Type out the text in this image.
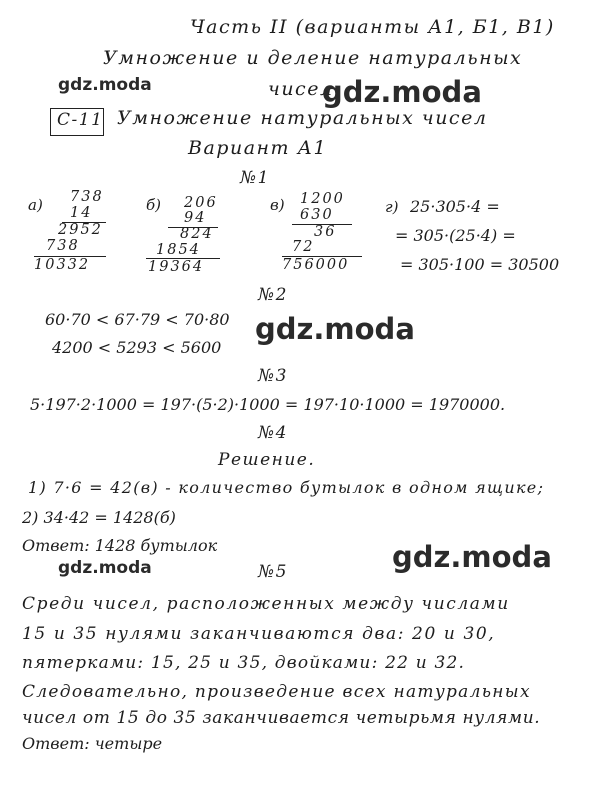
Часть II (варианты А1, Б1, В1)
Умножение и деление натуральных
чисел
С-11 Умножение натуральных чисел
Вариант А1
gdz.moda	gdz.moda
gdz.moda
gdz.moda	gdz.moda
№1
а) 738
14
2952
738
10332
б) 206
94
824
1854
19364
в) 1200
630
36
72
756000
г) 25·305·4 =
= 305·(25·4) =
= 305·100 = 30500
№2
60·70 < 67·79 < 70·80
4200 < 5293 < 5600
№3
5·197·2·1000 = 197·(5·2)·1000 = 197·10·1000 = 1970000.
№4
Решение.
1) 7·6 = 42(в) - количество бутылок в одном ящике;
2) 34·42 = 1428(б)
Ответ: 1428 бутылок
№5
Среди чисел, расположенных между числами
15 и 35 нулями заканчиваются два: 20 и 30,
пятерками: 15, 25 и 35, двойками: 22 и 32.
Следовательно, произведение всех натуральных
чисел от 15 до 35 заканчивается четырьмя нулями.
Ответ: четыре
